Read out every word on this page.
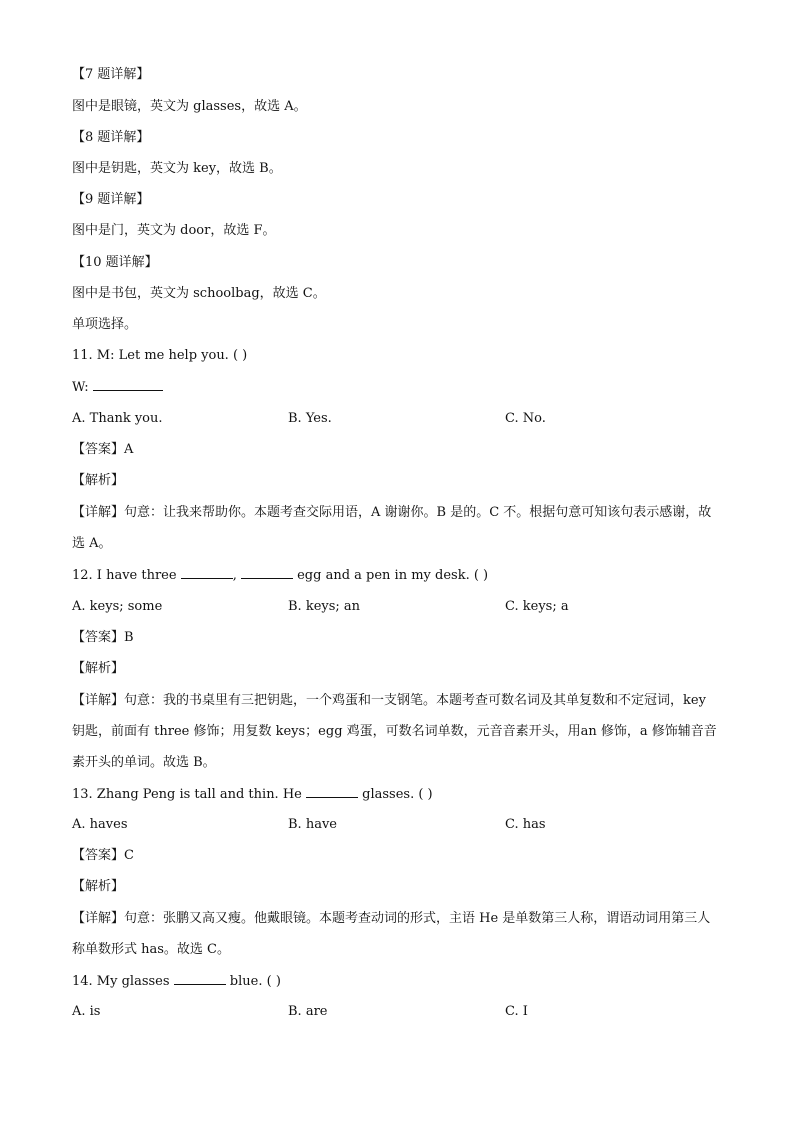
【7 题详解】
图中是眼镜，英文为 glasses，故选 A。
【8 题详解】
图中是钥匙，英文为 key，故选 B。
【9 题详解】
图中是门，英文为 door，故选 F。
【10 题详解】
图中是书包，英文为 schoolbag，故选 C。
单项选择。
11. M: Let me help you. ( )
W:
A. Thank you.	B. Yes.	C. No.
【答案】A
【解析】
【详解】句意：让我来帮助你。本题考查交际用语，A 谢谢你。B 是的。C 不。根据句意可知该句表示感谢，故选 A。
12. I have three	,	egg and a pen in my desk. ( )
A. keys; some	B. keys; an	C. keys; a
【答案】B
【解析】
【详解】句意：我的书桌里有三把钥匙，一个鸡蛋和一支钢笔。本题考查可数名词及其单复数和不定冠词，key 钥匙，前面有 three 修饰；用复数 keys；egg 鸡蛋，可数名词单数，元音音素开头，用an 修饰，a 修饰辅音音素开头的单词。故选 B。
13. Zhang Peng is tall and thin. He	glasses. ( )
A. haves	B. have	C. has
【答案】C
【解析】
【详解】句意：张鹏又高又瘦。他戴眼镜。本题考查动词的形式，主语 He 是单数第三人称，谓语动词用第三人称单数形式 has。故选 C。
14. My glasses	blue. ( )
A. is	B. are	C. I
